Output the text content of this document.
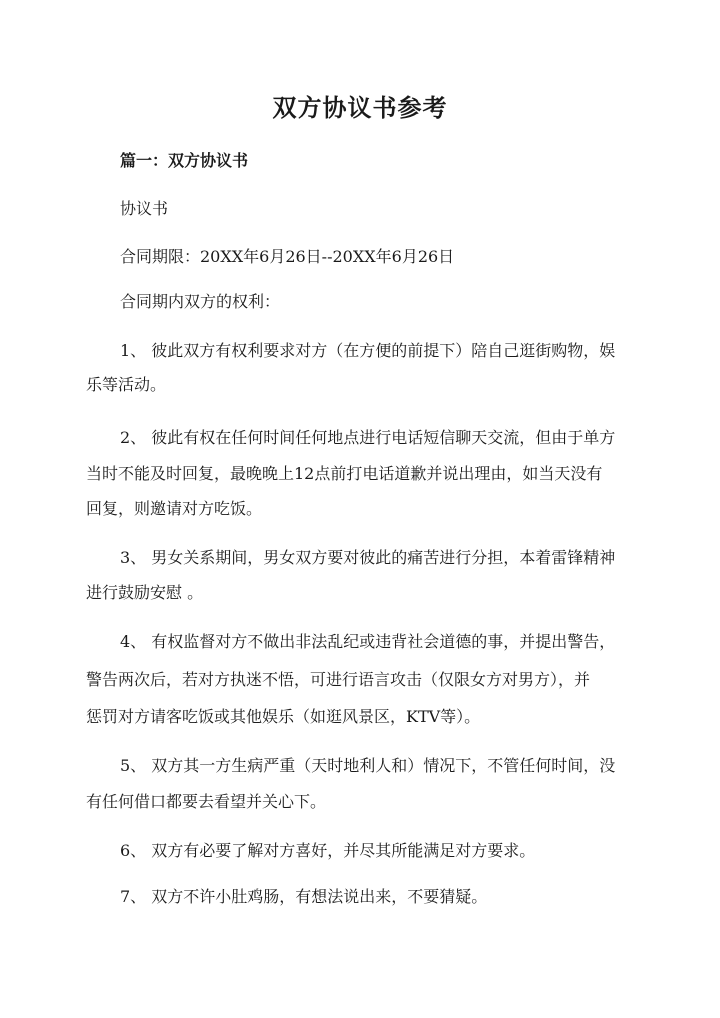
双方协议书参考
篇一：双方协议书
协议书
合同期限：20XX年6月26日--20XX年6月26日
合同期内双方的权利：
1、 彼此双方有权利要求对方（在方便的前提下）陪自己逛街购物，娱
乐等活动。
2、 彼此有权在任何时间任何地点进行电话短信聊天交流，但由于单方
当时不能及时回复，最晚晚上12点前打电话道歉并说出理由，如当天没有
回复，则邀请对方吃饭。
3、 男女关系期间，男女双方要对彼此的痛苦进行分担，本着雷锋精神
进行鼓励安慰 。
4、 有权监督对方不做出非法乱纪或违背社会道德的事，并提出警告，
警告两次后，若对方执迷不悟，可进行语言攻击（仅限女方对男方），并
惩罚对方请客吃饭或其他娱乐（如逛风景区，KTV等）。
5、 双方其一方生病严重（天时地利人和）情况下，不管任何时间，没
有任何借口都要去看望并关心下。
6、 双方有必要了解对方喜好，并尽其所能满足对方要求。
7、 双方不许小肚鸡肠，有想法说出来，不要猜疑。
